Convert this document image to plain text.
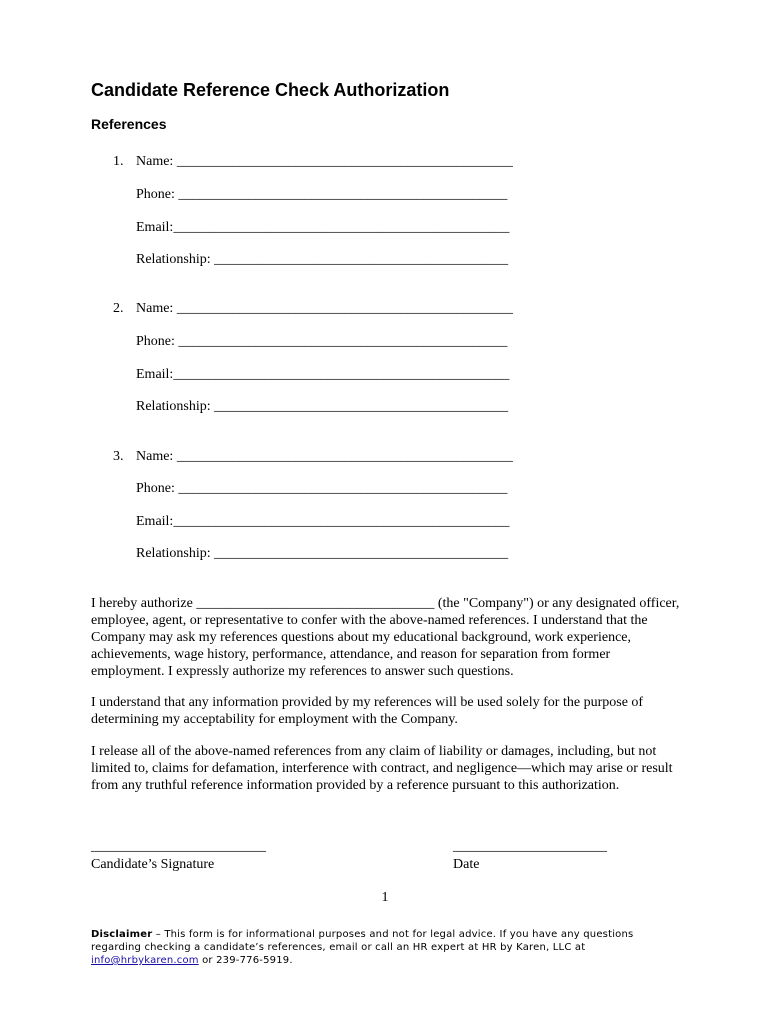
Candidate Reference Check Authorization
References
1. Name: ________________________________________________
Phone: _______________________________________________
Email:________________________________________________
Relationship: __________________________________________
2. Name: ________________________________________________
Phone: _______________________________________________
Email:________________________________________________
Relationship: __________________________________________
3. Name: ________________________________________________
Phone: _______________________________________________
Email:________________________________________________
Relationship: __________________________________________

I hereby authorize __________________________________ (the "Company") or any designated officer, employee, agent, or representative to confer with the above-named references. I understand that the Company may ask my references questions about my educational background, work experience, achievements, wage history, performance, attendance, and reason for separation from former employment. I expressly authorize my references to answer such questions.

I understand that any information provided by my references will be used solely for the purpose of determining my acceptability for employment with the Company.

I release all of the above-named references from any claim of liability or damages, including, but not limited to, claims for defamation, interference with contract, and negligence—which may arise or result from any truthful reference information provided by a reference pursuant to this authorization.

_________________________
Candidate’s Signature
______________________
Date
1

Disclaimer – This form is for informational purposes and not for legal advice. If you have any questions regarding checking a candidate’s references, email or call an HR expert at HR by Karen, LLC at info@hrbykaren.com or 239-776-5919.
